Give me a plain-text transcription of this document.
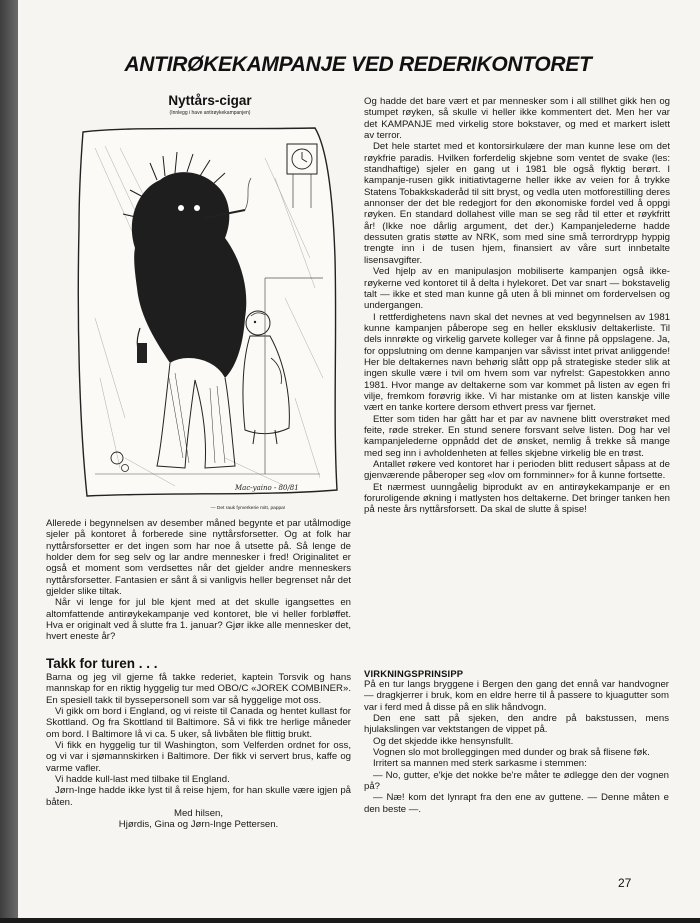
ANTIRØKEKAMPANJE VED REDERIKONTORET
Nyttårs-cigar
(Innlegg i have antirøykekampanjen)
Mac-yaino - 80/81
— Det rauk fyrverkerie mitt, pappa!

Allerede i begynnelsen av desember måned begynte et par utålmodige sjeler på kontoret å forberede sine nyttårsforsetter. Og at folk har nyttårsforsetter er det ingen som har noe å utsette på. Så lenge de holder dem for seg selv og lar andre mennesker i fred! Originalitet er også et moment som verdsettes når det gjelder andre menneskers nyttårsforsetter. Fantasien er sånt å si vanligvis heller begrenset når det gjelder slike tiltak.

Når vi lenge for jul ble kjent med at det skulle igangsettes en altomfattende antirøykekampanje ved kontoret, ble vi heller forbløffet. Hva er originalt ved å slutte fra 1. januar? Gjør ikke alle mennesker det, hvert eneste år?

Og hadde det bare vært et par mennesker som i all stillhet gikk hen og stumpet røyken, så skulle vi heller ikke kommentert det. Men her var det KAMPANJE med virkelig store bokstaver, og med et markert islett av terror.

Det hele startet med et kontorsirkulære der man kunne lese om det røykfrie paradis. Hvilken forferdelig skjebne som ventet de svake (les: standhaftige) sjeler en gang ut i 1981 ble også flyktig berørt. I kampanje-rusen gikk initiativtagerne heller ikke av veien for å trykke Statens Tobakkskaderåd til sitt bryst, og vedla uten motforestilling deres annonser der det ble redegjort for den økonomiske fordel ved å oppgi røyken. En standard dollahest ville man se seg råd til etter et røykfritt år! (Ikke noe dårlig argument, det der.) Kampanjelederne hadde dessuten gratis støtte av NRK, som med sine små terrordrypp hyppig trengte inn i de tusen hjem, finansiert av våre surt innbetalte lisensavgifter.

Ved hjelp av en manipulasjon mobiliserte kampanjen også ikke-røykerne ved kontoret til å delta i hylekoret. Det var snart — bokstavelig talt — ikke et sted man kunne gå uten å bli minnet om fordervelsen og undergangen.

I rettferdighetens navn skal det nevnes at ved begynnelsen av 1981 kunne kampanjen påberope seg en heller eksklusiv deltakerliste. Til dels innrøkte og virkelig garvete kolleger var å finne på oppslagene. Ja, for oppslutning om denne kampanjen var såvisst intet privat anliggende! Her ble deltakernes navn behørig slått opp på strategiske steder slik at ingen skulle være i tvil om hvem som var nyfrelst: Gapestokken anno 1981. Hvor mange av deltakerne som var kommet på listen av egen fri vilje, fremkom forøvrig ikke. Vi har mistanke om at listen kanskje ville vært en tanke kortere dersom ethvert press var fjernet.

Etter som tiden har gått har et par av navnene blitt overstrøket med feite, røde streker. En stund senere forsvant selve listen. Dog har vel kampanjelederne oppnådd det de ønsket, nemlig å trekke så mange med seg inn i avholdenheten at felles skjebne virkelig ble en trøst.

Antallet røkere ved kontoret har i perioden blitt redusert såpass at de gjenværende påberoper seg «lov om fornminner» for å kunne fortsette.

Et nærmest uunngåelig biprodukt av en antirøykekampanje er en foruroligende økning i matlysten hos deltakerne. Det bringer tanken hen på neste års nyttårsforsett. Da skal de slutte å spise!

Takk for turen . . .

Barna og jeg vil gjerne få takke rederiet, kaptein Torsvik og hans mannskap for en riktig hyggelig tur med OBO/C «JOREK COMBINER». En spesiell takk til byssepersonell som var så hyggelige mot oss.

Vi gikk om bord i England, og vi reiste til Canada og hentet kullast for Skottland. Og fra Skottland til Baltimore. Så vi fikk tre herlige måneder om bord. I Baltimore lå vi ca. 5 uker, så livbåten ble flittig brukt.

Vi fikk en hyggelig tur til Washington, som Velferden ordnet for oss, og vi var i sjømannskirken i Baltimore. Der fikk vi servert brus, kaffe og varme vafler.

Vi hadde kull-last med tilbake til England.

Jørn-Inge hadde ikke lyst til å reise hjem, for han skulle være igjen på båten.

Med hilsen,
Hjørdis, Gina og Jørn-Inge Pettersen.
VIRKNINGSPRINSIPP

På en tur langs bryggene i Bergen den gang det ennå var handvogner — dragkjerrer i bruk, kom en eldre herre til å passere to kjuagutter som var i ferd med å disse på en slik håndvogn.

Den ene satt på sjeken, den andre på bakstussen, mens hjulakslingen var vektstangen de vippet på.

Og det skjedde ikke hensynsfullt.

Vognen slo mot brolleggingen med dunder og brak så flisene føk.

Irritert sa mannen med sterk sarkasme i stemmen:

— No, gutter, e'kje det nokke be're måter te ødlegge den der vognen på?

— Næ! kom det lynrapt fra den ene av guttene. — Denne måten e den beste —.

27
